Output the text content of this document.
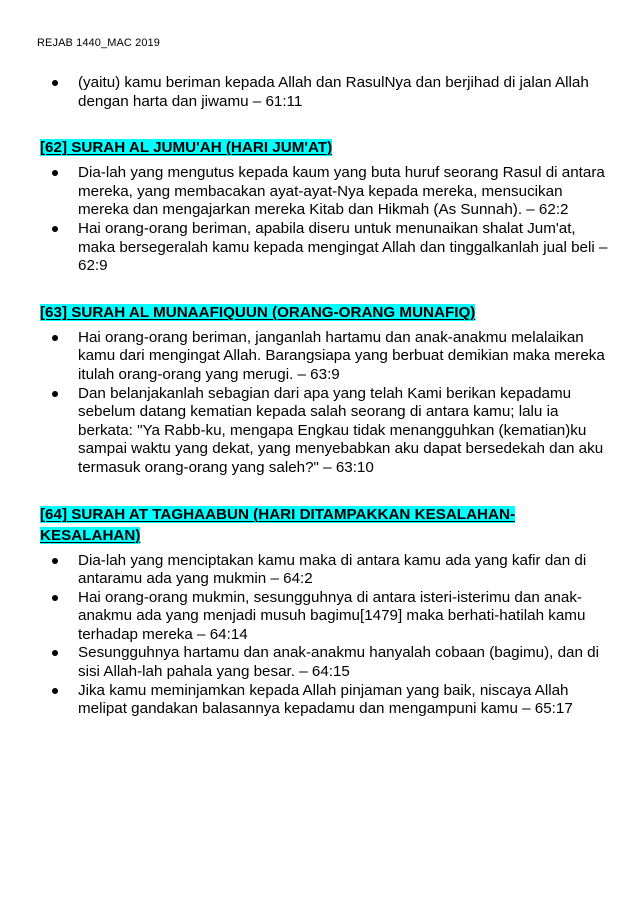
REJAB 1440_MAC 2019
(yaitu) kamu beriman kepada Allah dan RasulNya dan berjihad di jalan Allah dengan harta dan jiwamu – 61:11
[62] SURAH AL JUMU'AH (HARI JUM'AT)
Dia-lah yang mengutus kepada kaum yang buta huruf seorang Rasul di antara mereka, yang membacakan ayat-ayat-Nya kepada mereka, mensucikan mereka dan mengajarkan mereka Kitab dan Hikmah (As Sunnah). – 62:2
Hai orang-orang beriman, apabila diseru untuk menunaikan shalat Jum'at, maka bersegeralah kamu kepada mengingat Allah dan tinggalkanlah jual beli – 62:9
[63] SURAH AL MUNAAFIQUUN (ORANG-ORANG MUNAFIQ)
Hai orang-orang beriman, janganlah hartamu dan anak-anakmu melalaikan kamu dari mengingat Allah. Barangsiapa yang berbuat demikian maka mereka itulah orang-orang yang merugi. – 63:9
Dan belanjakanlah sebagian dari apa yang telah Kami berikan kepadamu sebelum datang kematian kepada salah seorang di antara kamu; lalu ia berkata: "Ya Rabb-ku, mengapa Engkau tidak menangguhkan (kematian)ku sampai waktu yang dekat, yang menyebabkan aku dapat bersedekah dan aku termasuk orang-orang yang saleh?" – 63:10
[64] SURAH AT TAGHAABUN (HARI DITAMPAKKAN KESALAHAN-KESALAHAN)
Dia-lah yang menciptakan kamu maka di antara kamu ada yang kafir dan di antaramu ada yang mukmin – 64:2
Hai orang-orang mukmin, sesungguhnya di antara isteri-isterimu dan anak-anakmu ada yang menjadi musuh bagimu[1479] maka berhati-hatilah kamu terhadap mereka – 64:14
Sesungguhnya hartamu dan anak-anakmu hanyalah cobaan (bagimu), dan di sisi Allah-lah pahala yang besar. – 64:15
Jika kamu meminjamkan kepada Allah pinjaman yang baik, niscaya Allah melipat gandakan balasannya kepadamu dan mengampuni kamu – 65:17
